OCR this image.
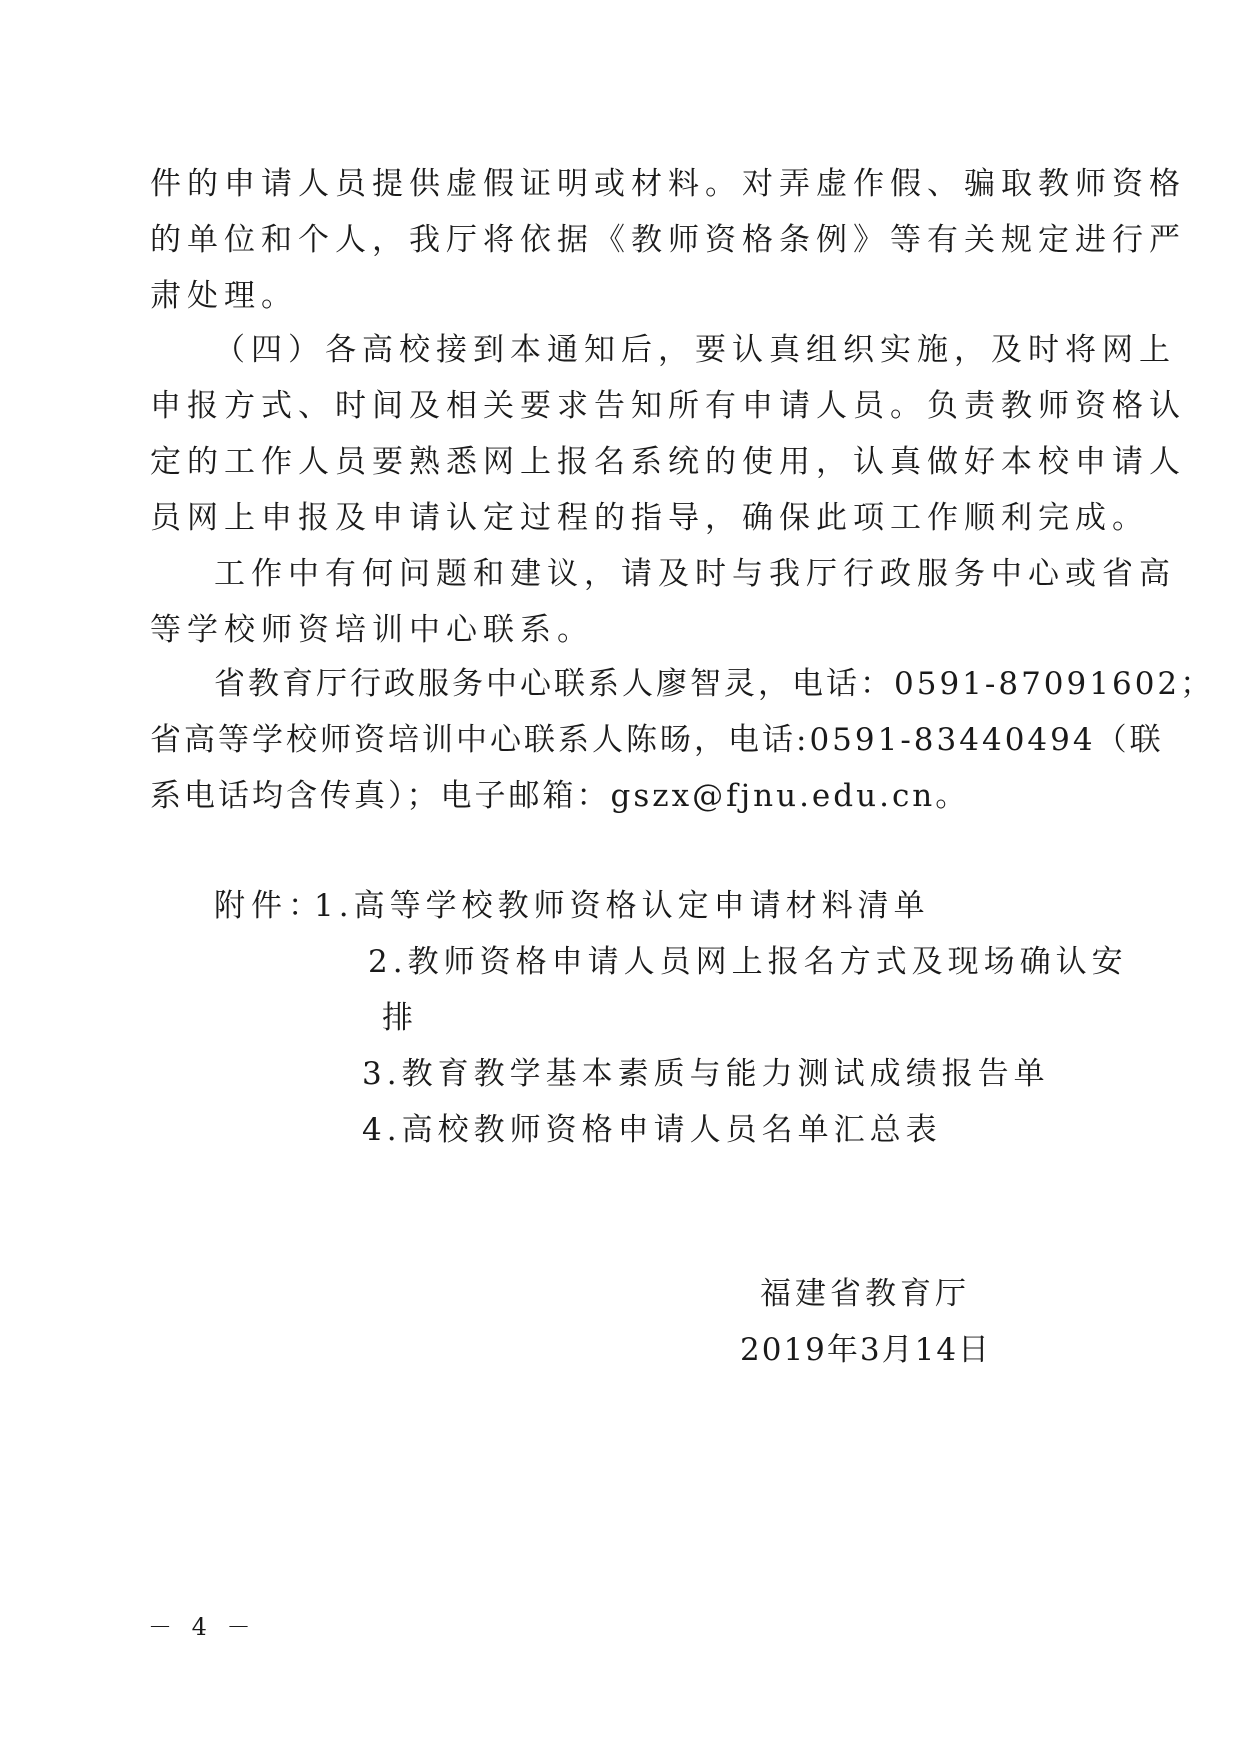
件的申请人员提供虚假证明或材料。对弄虚作假、骗取教师资格
的单位和个人，我厅将依据《教师资格条例》等有关规定进行严
肃处理。
（四）各高校接到本通知后，要认真组织实施，及时将网上
申报方式、时间及相关要求告知所有申请人员。负责教师资格认
定的工作人员要熟悉网上报名系统的使用，认真做好本校申请人
员网上申报及申请认定过程的指导，确保此项工作顺利完成。
工作中有何问题和建议，请及时与我厅行政服务中心或省高
等学校师资培训中心联系。
省教育厅行政服务中心联系人廖智灵，电话：0591-87091602；
省高等学校师资培训中心联系人陈旸，电话:0591-83440494（联
系电话均含传真）；电子邮箱：gszx@fjnu.edu.cn。
附件：
1.高等学校教师资格认定申请材料清单
2.教师资格申请人员网上报名方式及现场确认安
排
3.教育教学基本素质与能力测试成绩报告单
4.高校教师资格申请人员名单汇总表
福建省教育厅
2019年3月14日
－ 4 －
